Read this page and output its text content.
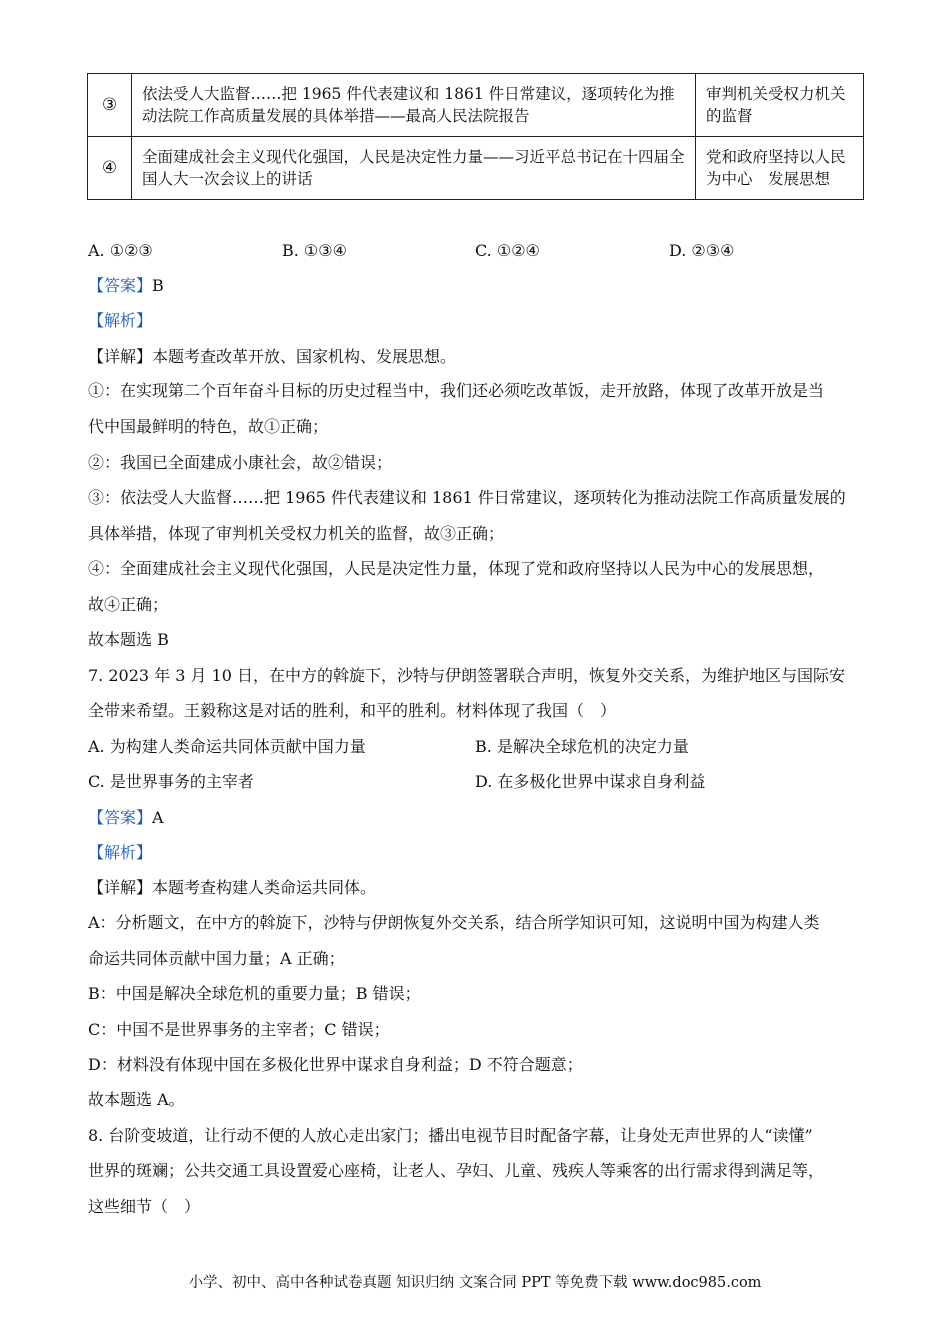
③	依法受人大监督……把 1965 件代表建议和 1861 件日常建议，逐项转化为推动法院工作高质量发展的具体举措——最高人民法院报告	审判机关受权力机关的监督
④	全面建成社会主义现代化强国，人民是决定性力量——习近平总书记在十四届全国人大一次会议上的讲话	党和政府坚持以人民为中心　发展思想
A. ①②③	B. ①③④	C. ①②④	D. ②③④
【答案】B
【解析】
【详解】本题考查改革开放、国家机构、发展思想。
①：在实现第二个百年奋斗目标的历史过程当中，我们还必须吃改革饭，走开放路，体现了改革开放是当
代中国最鲜明的特色，故①正确；
②：我国已全面建成小康社会，故②错误；
③：依法受人大监督……把 1965 件代表建议和 1861 件日常建议，逐项转化为推动法院工作高质量发展的
具体举措，体现了审判机关受权力机关的监督，故③正确；
④：全面建成社会主义现代化强国，人民是决定性力量，体现了党和政府坚持以人民为中心的发展思想，
故④正确；
故本题选 B
7. 2023 年 3 月 10 日，在中方的斡旋下，沙特与伊朗签署联合声明，恢复外交关系，为维护地区与国际安
全带来希望。王毅称这是对话的胜利，和平的胜利。材料体现了我国（　）
A. 为构建人类命运共同体贡献中国力量	B. 是解决全球危机的决定力量
C. 是世界事务的主宰者	D. 在多极化世界中谋求自身利益
【答案】A
【解析】
【详解】本题考查构建人类命运共同体。
A：分析题文，在中方的斡旋下，沙特与伊朗恢复外交关系，结合所学知识可知，这说明中国为构建人类
命运共同体贡献中国力量；A 正确；
B：中国是解决全球危机的重要力量；B 错误；
C：中国不是世界事务的主宰者；C 错误；
D：材料没有体现中国在多极化世界中谋求自身利益；D 不符合题意；
故本题选 A。
8. 台阶变坡道，让行动不便的人放心走出家门；播出电视节目时配备字幕，让身处无声世界的人“读懂”
世界的斑斓；公共交通工具设置爱心座椅，让老人、孕妇、儿童、残疾人等乘客的出行需求得到满足等，
这些细节（　）
小学、初中、高中各种试卷真题 知识归纳 文案合同 PPT 等免费下载 www.doc985.com
